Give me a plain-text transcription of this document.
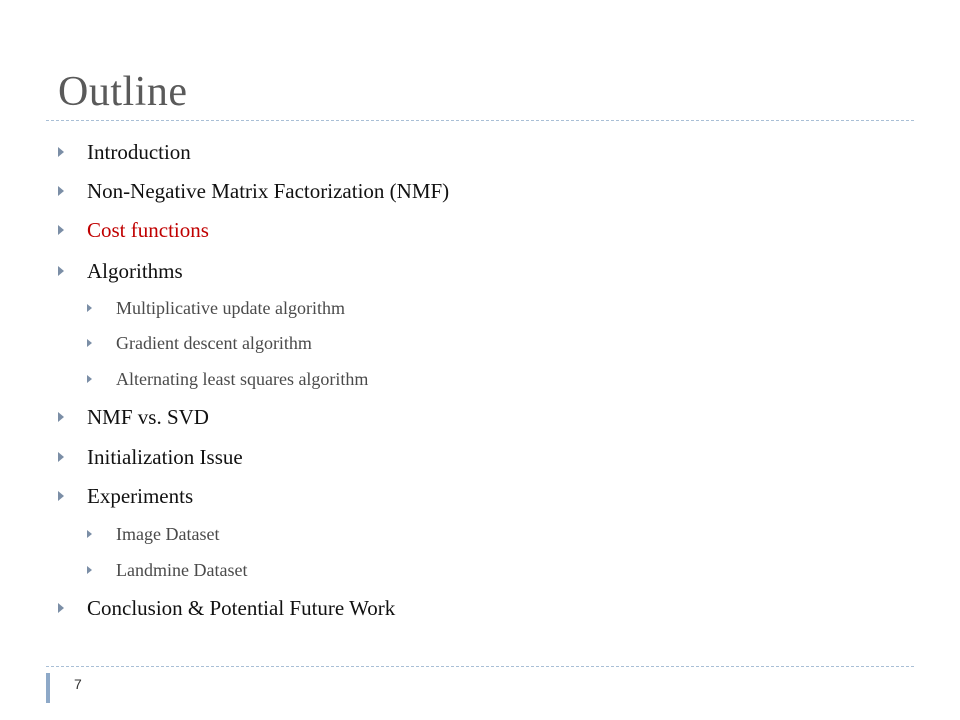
Outline
Introduction
Non-Negative Matrix Factorization (NMF)
Cost functions
Algorithms
Multiplicative update algorithm
Gradient descent algorithm
Alternating least squares algorithm
NMF vs. SVD
Initialization Issue
Experiments
Image Dataset
Landmine Dataset
Conclusion & Potential Future Work
7
